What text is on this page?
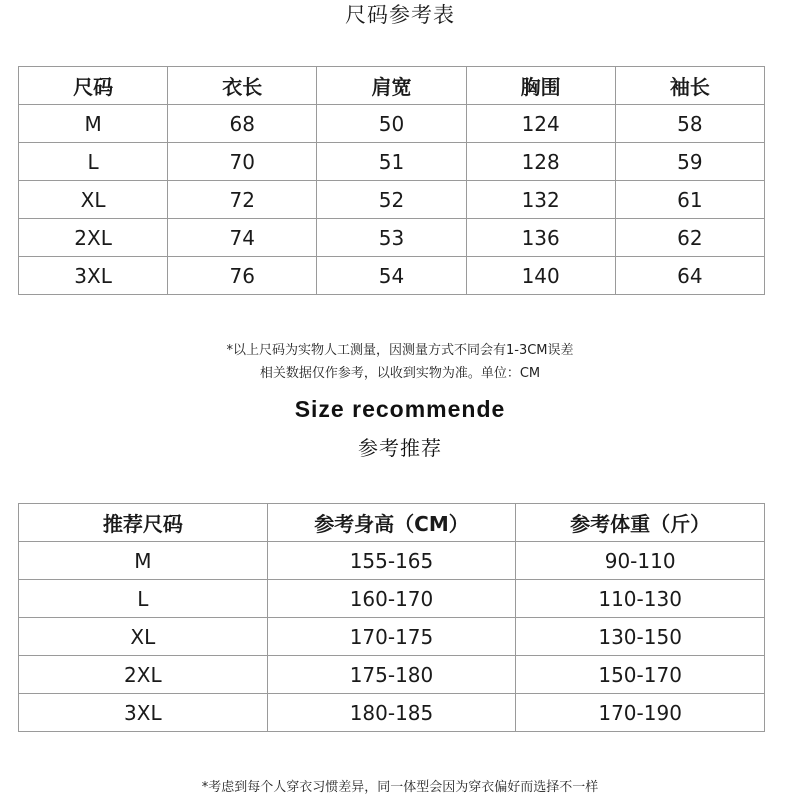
尺码参考表
尺码	衣长	肩宽	胸围	袖长
M	68	50	124	58
L	70	51	128	59
XL	72	52	132	61
2XL	74	53	136	62
3XL	76	54	140	64
*以上尺码为实物人工测量，因测量方式不同会有1-3CM误差
相关数据仅作参考，以收到实物为准。单位：CM
Size recommende
参考推荐
推荐尺码	参考身高（CM）	参考体重（斤）
M	155-165	90-110
L	160-170	110-130
XL	170-175	130-150
2XL	175-180	150-170
3XL	180-185	170-190
*考虑到每个人穿衣习惯差异，同一体型会因为穿衣偏好而选择不一样
